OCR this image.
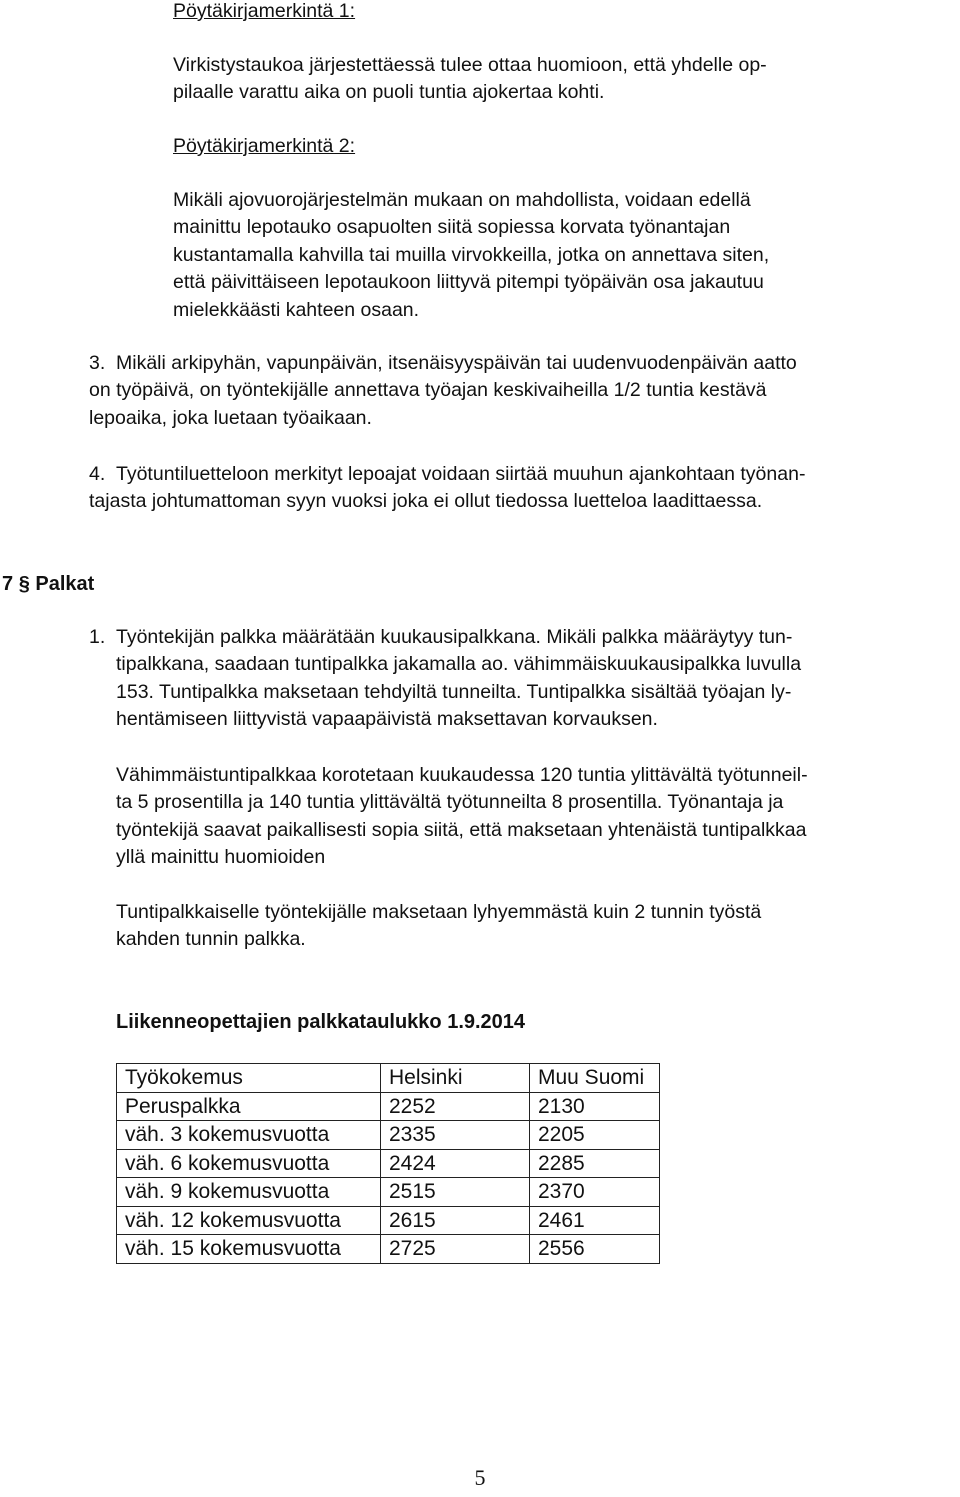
Pöytäkirjamerkintä 1:
Virkistystaukoa järjestettäessä tulee ottaa huomioon, että yhdelle op-
pilaalle varattu aika on puoli tuntia ajokertaa kohti.
Pöytäkirjamerkintä 2:
Mikäli ajovuorojärjestelmän mukaan on mahdollista, voidaan edellä
mainittu lepotauko osapuolten siitä sopiessa korvata työnantajan
kustantamalla kahvilla tai muilla virvokkeilla, jotka on annettava siten,
että päivittäiseen lepotaukoon liittyvä pitempi työpäivän osa jakautuu
mielekkäästi kahteen osaan.
3. Mikäli arkipyhän, vapunpäivän, itsenäisyyspäivän tai uudenvuodenpäivän aatto
on työpäivä, on työntekijälle annettava työajan keskivaiheilla 1/2 tuntia kestävä
lepoaika, joka luetaan työaikaan.
4. Työtuntiluetteloon merkityt lepoajat voidaan siirtää muuhun ajankohtaan työnan-
tajasta johtumattoman syyn vuoksi joka ei ollut tiedossa luetteloa laadittaessa.
7 § Palkat
1. Työntekijän palkka määrätään kuukausipalkkana. Mikäli palkka määräytyy tun-
tipalkkana, saadaan tuntipalkka jakamalla ao. vähimmäiskuukausipalkka luvulla
153. Tuntipalkka maksetaan tehdyiltä tunneilta. Tuntipalkka sisältää työajan ly-
hentämiseen liittyvistä vapaapäivistä maksettavan korvauksen.
Vähimmäistuntipalkkaa korotetaan kuukaudessa 120 tuntia ylittävältä työtunneil-
ta 5 prosentilla ja 140 tuntia ylittävältä työtunneilta 8 prosentilla. Työnantaja ja
työntekijä saavat paikallisesti sopia siitä, että maksetaan yhtenäistä tuntipalkkaa
yllä mainittu huomioiden
Tuntipalkkaiselle työntekijälle maksetaan lyhyemmästä kuin 2 tunnin työstä
kahden tunnin palkka.
Liikenneopettajien palkkataulukko 1.9.2014
Työkokemus	Helsinki	Muu Suomi
Peruspalkka	2252	2130
väh. 3 kokemusvuotta	2335	2205
väh. 6 kokemusvuotta	2424	2285
väh. 9 kokemusvuotta	2515	2370
väh. 12 kokemusvuotta	2615	2461
väh. 15 kokemusvuotta	2725	2556
5
